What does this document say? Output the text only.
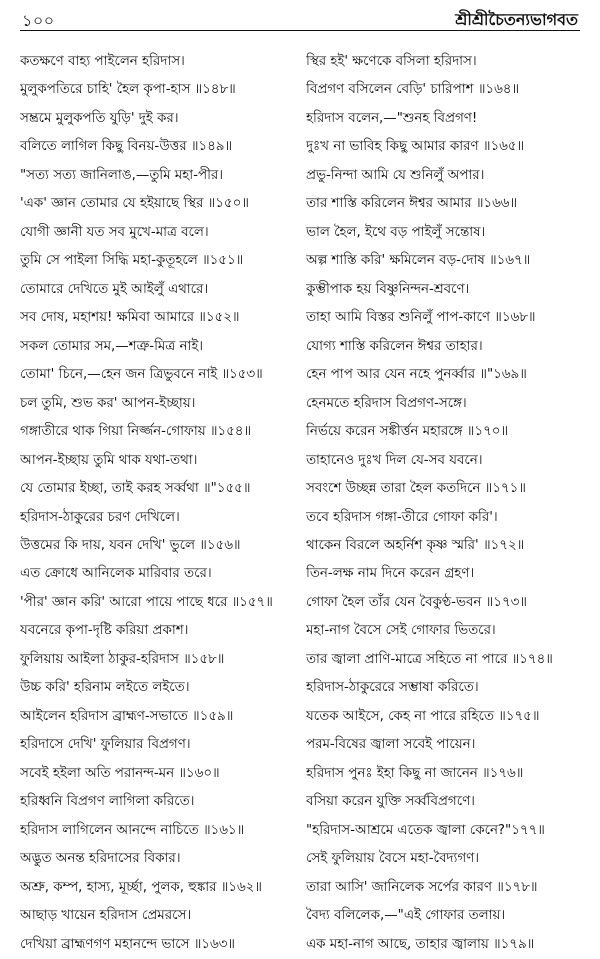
১০০	শ্রীশ্রীচৈতন্যভাগবত
কতক্ষণে বাহ্য পাইলেন হরিদাস।
মুলুকপতিরে চাহি' হৈল কৃপা-হাস ॥১৪৮॥
সম্ভ্রমে মুলুকপতি যুড়ি' দুই কর।
বলিতে লাগিল কিছু বিনয়-উত্তর ॥১৪৯॥
"সত্য সত্য জানিলাঙ,—তুমি মহা-পীর।
'এক' জ্ঞান তোমার যে হইয়াছে স্থির ॥১৫০॥
যোগী জ্ঞানী যত সব মুখে-মাত্র বলে।
তুমি সে পাইলা সিদ্ধি মহা-কুতূহলে ॥১৫১॥
তোমারে দেখিতে মুই আইলুঁ এথারে।
সব দোষ, মহাশয়! ক্ষমিবা আমারে ॥১৫২॥
সকল তোমার সম,—শত্রু-মিত্র নাই।
তোমা' চিনে,—হেন জন ত্রিভুবনে নাই ॥১৫৩॥
চল তুমি, শুভ কর' আপন-ইচ্ছায়।
গঙ্গাতীরে থাক গিয়া নির্জ্জন-গোফায় ॥১৫৪॥
আপন-ইচ্ছায় তুমি থাক যথা-তথা।
যে তোমার ইচ্ছা, তাই করহ সর্ব্বথা ॥"১৫৫॥
হরিদাস-ঠাকুরের চরণ দেখিলে।
উত্তমের কি দায়, যবন দেখি' ভুলে ॥১৫৬॥
এত ক্রোধে আনিলেক মারিবার তরে।
'পীর' জ্ঞান করি' আরো পায়ে পাছে ধরে ॥১৫৭॥
যবনেরে কৃপা-দৃষ্টি করিয়া প্রকাশ।
ফুলিয়ায় আইলা ঠাকুর-হরিদাস ॥১৫৮॥
উচ্চ করি' হরিনাম লইতে লইতে।
আইলেন হরিদাস ব্রাহ্মণ-সভাতে ॥১৫৯॥
হরিদাসে দেখি' ফুলিয়ার বিপ্রগণ।
সবেই হইলা অতি পরানন্দ-মন ॥১৬০॥
হরিধ্বনি বিপ্রগণ লাগিলা করিতে।
হরিদাস লাগিলেন আনন্দে নাচিতে ॥১৬১॥
অদ্ভুত অনন্ত হরিদাসের বিকার।
অশ্রু, কম্প, হাস্য, মূর্চ্ছা, পুলক, হুঙ্কার ॥১৬২॥
আছাড় খায়েন হরিদাস প্রেমরসে।
দেখিয়া ব্রাহ্মণগণ মহানন্দে ভাসে ॥১৬৩॥
স্থির হই' ক্ষণেকে বসিলা হরিদাস।
বিপ্রগণ বসিলেন বেড়ি' চারিপাশ ॥১৬৪॥
হরিদাস বলেন,—"শুনহ বিপ্রগণ!
দুঃখ না ভাবিহ কিছু আমার কারণ ॥১৬৫॥
প্রভু-নিন্দা আমি যে শুনিলুঁ অপার।
তার শাস্তি করিলেন ঈশ্বর আমার ॥১৬৬॥
ভাল হৈল, ইথে বড় পাইলুঁ সন্তোষ।
অল্প শাস্তি করি' ক্ষমিলেন বড়-দোষ ॥১৬৭॥
কুম্ভীপাক হয় বিষ্ণুনিন্দন-শ্রবণে।
তাহা আমি বিস্তর শুনিলুঁ পাপ-কাণে ॥১৬৮॥
যোগ্য শাস্তি করিলেন ঈশ্বর তাহার।
হেন পাপ আর যেন নহে পুনর্ব্বার ॥"১৬৯॥
হেনমতে হরিদাস বিপ্রগণ-সঙ্গে।
নির্ভয়ে করেন সঙ্কীর্ত্তন মহারঙ্গে ॥১৭০॥
তাহানেও দুঃখ দিল যে-সব যবনে।
সবংশে উচ্ছন্ন তারা হৈল কতদিনে ॥১৭১॥
তবে হরিদাস গঙ্গা-তীরে গোফা করি'।
থাকেন বিরলে অহর্নিশ কৃষ্ণ স্মরি' ॥১৭২॥
তিন-লক্ষ নাম দিনে করেন গ্রহণ।
গোফা হৈল তাঁর যেন বৈকুণ্ঠ-ভবন ॥১৭৩॥
মহা-নাগ বৈসে সেই গোফার ভিতরে।
তার জ্বালা প্রাণি-মাত্রে সহিতে না পারে ॥১৭৪॥
হরিদাস-ঠাকুরেরে সম্ভাষা করিতে।
যতেক আইসে, কেহ না পারে রহিতে ॥১৭৫॥
পরম-বিষের জ্বালা সবেই পায়েন।
হরিদাস পুনঃ ইহা কিছু না জানেন ॥১৭৬॥
বসিয়া করেন যুক্তি সর্ব্ববিপ্রগণে।
"হরিদাস-আশ্রমে এতেক জ্বালা কেনে?"১৭৭॥
সেই ফুলিয়ায় বৈসে মহা-বৈদ্যগণ।
তারা আসি' জানিলেক সর্পের কারণ ॥১৭৮॥
বৈদ্য বলিলেক,—"এই গোফার তলায়।
এক মহা-নাগ আছে, তাহার জ্বালায় ॥১৭৯॥
